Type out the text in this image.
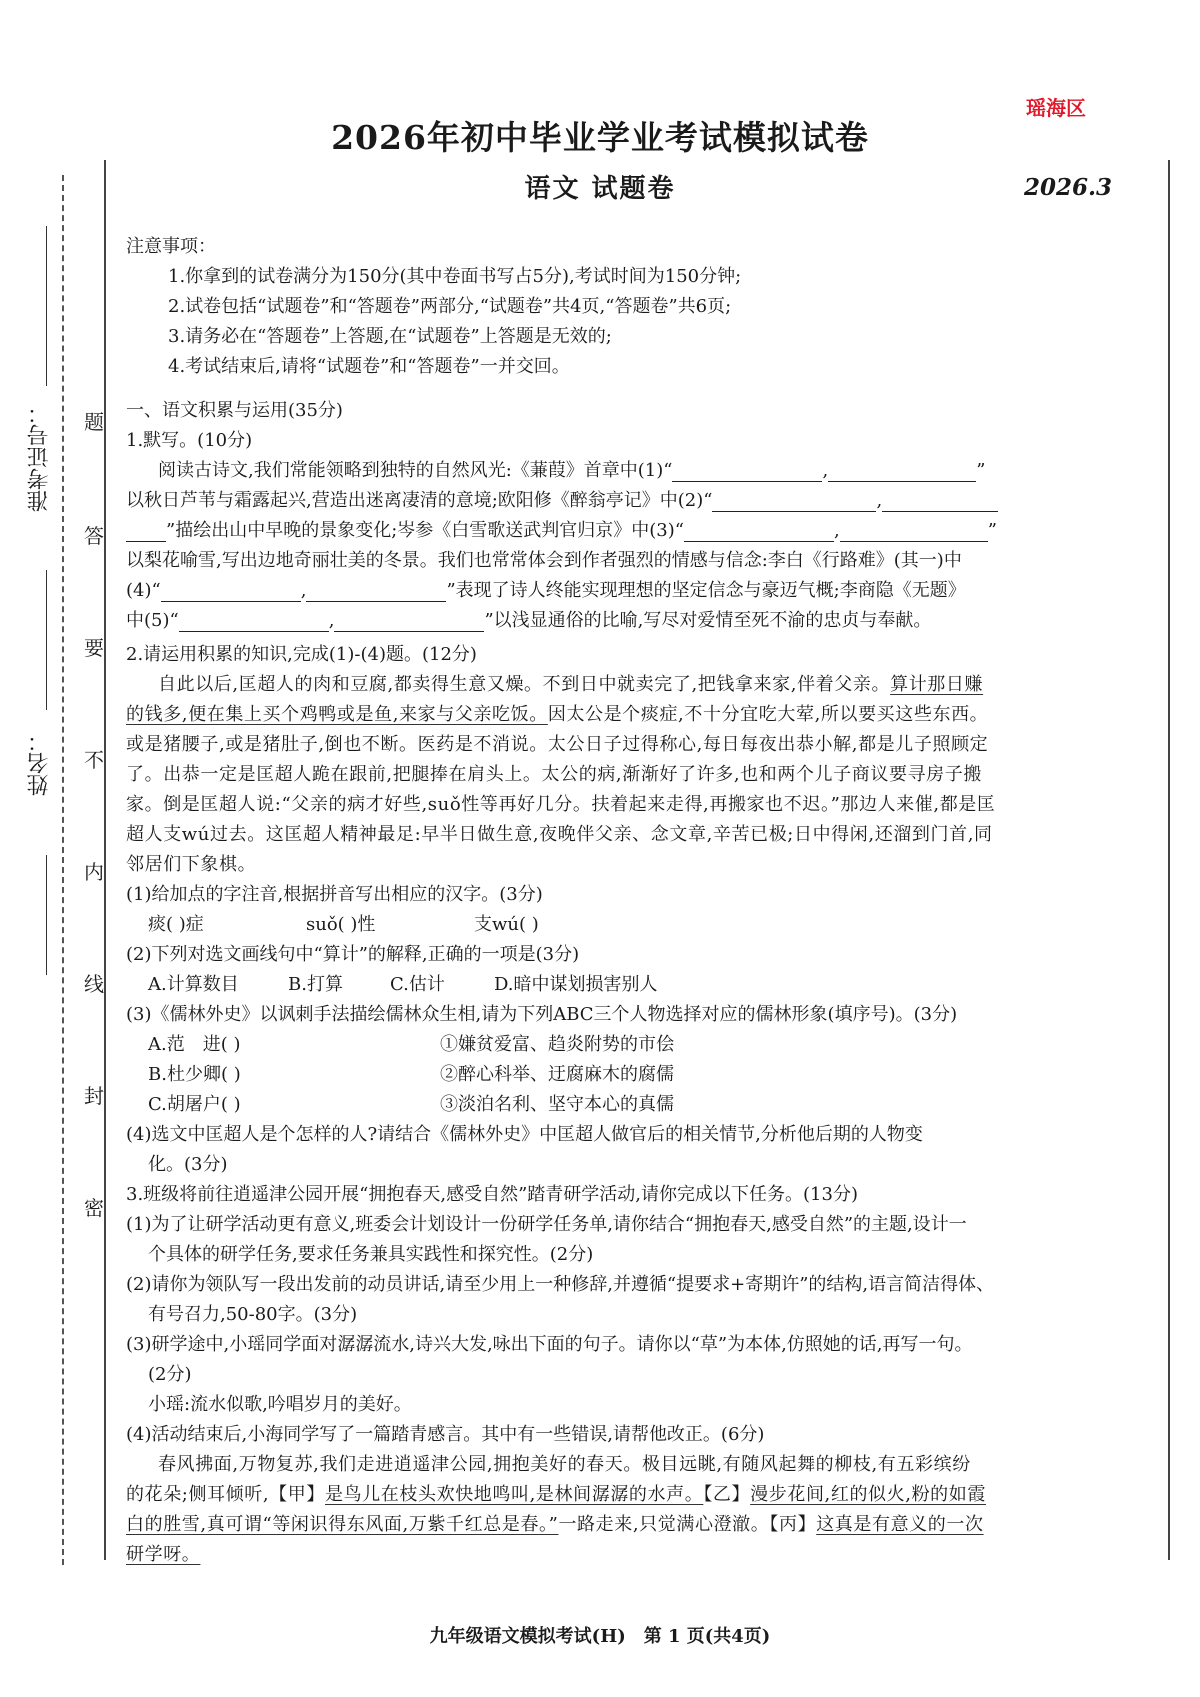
瑶海区
2026年初中毕业学业考试模拟试卷
语文 试题卷	2026.3
准考证号：
姓名：
题
答
要
不
内
线
封
密
注意事项：
1.你拿到的试卷满分为150分(其中卷面书写占5分),考试时间为150分钟;
2.试卷包括“试题卷”和“答题卷”两部分,“试题卷”共4页,“答题卷”共6页;
3.请务必在“答题卷”上答题,在“试题卷”上答题是无效的;
4.考试结束后,请将“试题卷”和“答题卷”一并交回。
一、语文积累与运用(35分)
1.默写。(10分)
阅读古诗文,我们常能领略到独特的自然风光:《蒹葭》首章中(1)“	,	”
以秋日芦苇与霜露起兴,营造出迷离凄清的意境;欧阳修《醉翁亭记》中(2)“	,
”描绘出山中早晚的景象变化;岑参《白雪歌送武判官归京》中(3)“	,	”
以梨花喻雪,写出边地奇丽壮美的冬景。我们也常常体会到作者强烈的情感与信念:李白《行路难》(其一)中
(4)“	,	”表现了诗人终能实现理想的坚定信念与豪迈气概;李商隐《无题》
中(5)“	,	”以浅显通俗的比喻,写尽对爱情至死不渝的忠贞与奉献。
2.请运用积累的知识,完成(1)-(4)题。(12分)
自此以后,匡超人的肉和豆腐,都卖得生意又燥。不到日中就卖完了,把钱拿来家,伴着父亲。算计那日赚
的钱多,便在集上买个鸡鸭或是鱼,来家与父亲吃饭。因太公是个痰症,不十分宜吃大荤,所以要买这些东西。
或是猪腰子,或是猪肚子,倒也不断。医药是不消说。太公日子过得称心,每日每夜出恭小解,都是儿子照顾定
了。出恭一定是匡超人跪在跟前,把腿捧在肩头上。太公的病,渐渐好了许多,也和两个儿子商议要寻房子搬
家。倒是匡超人说:“父亲的病才好些,suǒ性等再好几分。扶着起来走得,再搬家也不迟。”那边人来催,都是匡
超人支wú过去。这匡超人精神最足:早半日做生意,夜晚伴父亲、念文章,辛苦已极;日中得闲,还溜到门首,同
邻居们下象棋。
(1)给加点的字注音,根据拼音写出相应的汉字。(3分)
痰( )症	suǒ( )性	支wú( )
(2)下列对选文画线句中“算计”的解释,正确的一项是(3分)
A.计算数目	B.打算	C.估计	D.暗中谋划损害别人
(3)《儒林外史》以讽刺手法描绘儒林众生相,请为下列ABC三个人物选择对应的儒林形象(填序号)。(3分)
A.范　进( )	①嫌贫爱富、趋炎附势的市侩
B.杜少卿( )	②醉心科举、迂腐麻木的腐儒
C.胡屠户( )	③淡泊名利、坚守本心的真儒
(4)选文中匡超人是个怎样的人?请结合《儒林外史》中匡超人做官后的相关情节,分析他后期的人物变
化。(3分)
3.班级将前往逍遥津公园开展“拥抱春天,感受自然”踏青研学活动,请你完成以下任务。(13分)
(1)为了让研学活动更有意义,班委会计划设计一份研学任务单,请你结合“拥抱春天,感受自然”的主题,设计一
个具体的研学任务,要求任务兼具实践性和探究性。(2分)
(2)请你为领队写一段出发前的动员讲话,请至少用上一种修辞,并遵循“提要求+寄期许”的结构,语言简洁得体、
有号召力,50-80字。(3分)
(3)研学途中,小瑶同学面对潺潺流水,诗兴大发,咏出下面的句子。请你以“草”为本体,仿照她的话,再写一句。
(2分)
小瑶:流水似歌,吟唱岁月的美好。
(4)活动结束后,小海同学写了一篇踏青感言。其中有一些错误,请帮他改正。(6分)
春风拂面,万物复苏,我们走进逍遥津公园,拥抱美好的春天。极目远眺,有随风起舞的柳枝,有五彩缤纷
的花朵;侧耳倾听,【甲】是鸟儿在枝头欢快地鸣叫,是林间潺潺的水声。【乙】漫步花间,红的似火,粉的如霞
白的胜雪,真可谓“等闲识得东风面,万紫千红总是春。”一路走来,只觉满心澄澈。【丙】这真是有意义的一次
研学呀。
九年级语文模拟考试(H)　第 1 页(共4页)
